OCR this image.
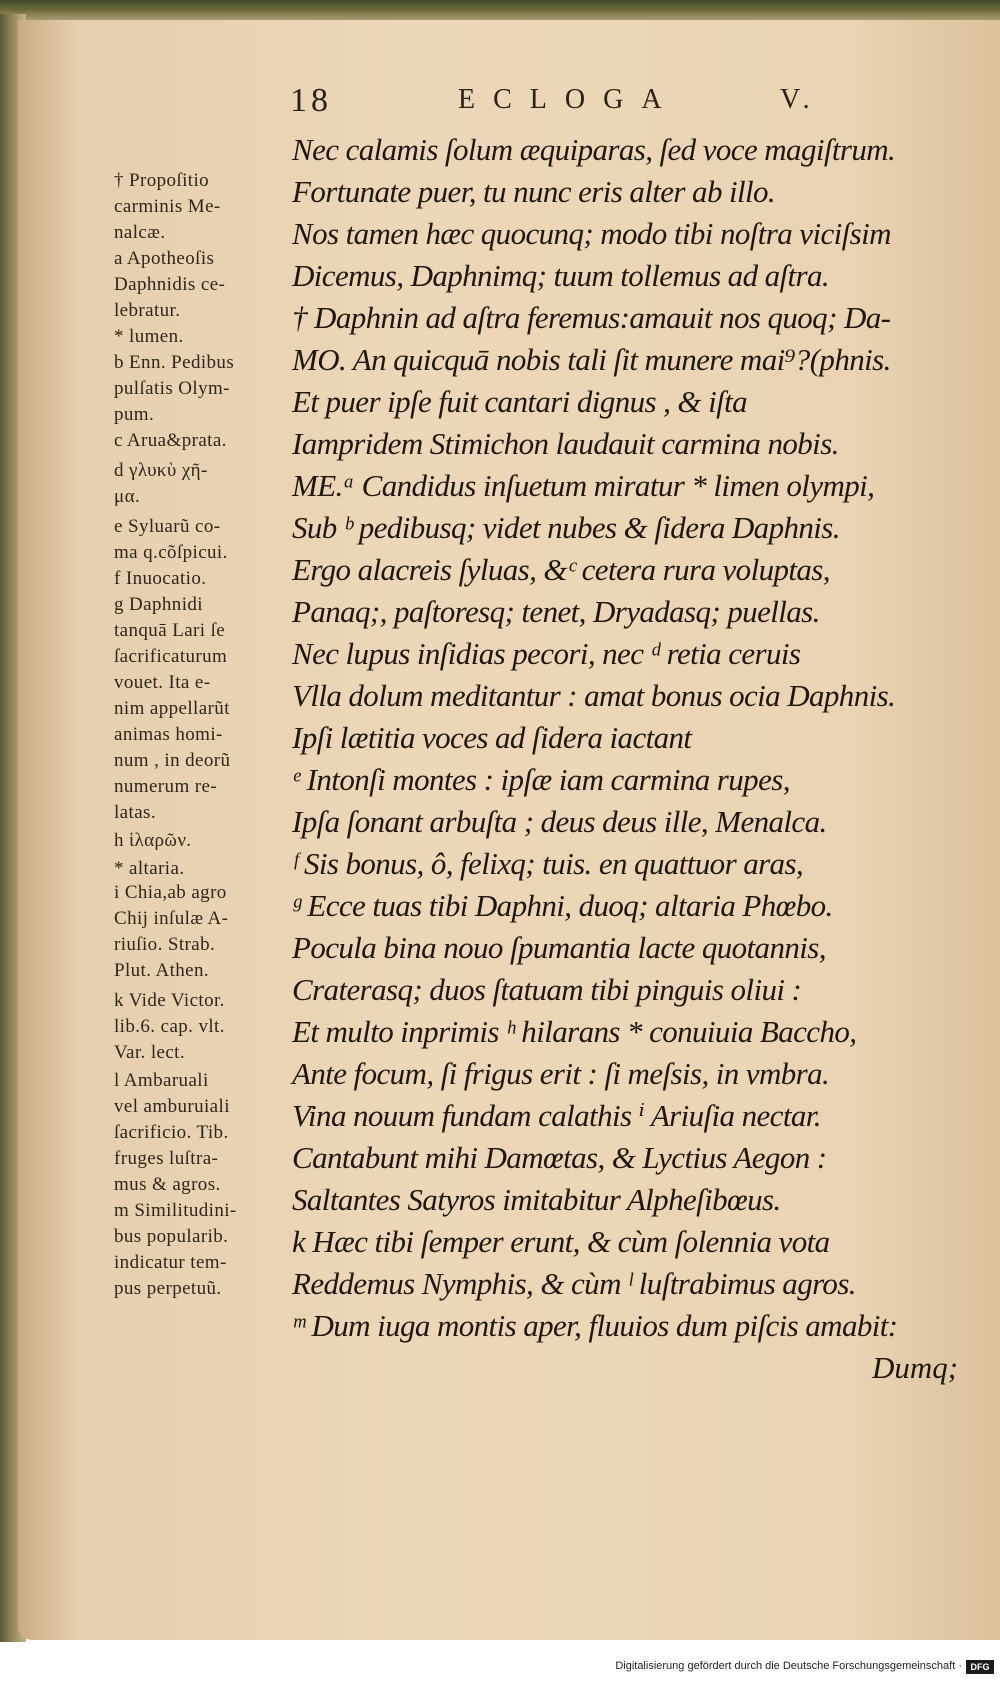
18	ECLOGA	V.
† Propoſitio
carminis Me-
nalcæ.
a Apotheoſis
Daphnidis ce-
lebratur.
* lumen.
b Enn. Pedibus
pulſatis Olym-
pum.
c Arua&prata.
d γλυκὺ χῆ-
μα.
e Syluarũ co-
ma q.cõſpicui.
f Inuocatio.
g Daphnidi
tanquā Lari ſe
ſacrificaturum
vouet. Ita e-
nim appellarũt
animas homi-
num , in deorũ
numerum re-
latas.
h ἱλαρῶν.
* altaria.
i Chia,ab agro
Chij inſulæ A-
riuſio. Strab.
Plut. Athen.
k Vide Victor.
lib.6. cap. vlt.
Var. lect.
l Ambaruali
vel amburuiali
ſacrificio. Tib.
fruges luſtra-
mus & agros.
m Similitudini-
bus popularib.
indicatur tem-
pus perpetuũ.
Nec calamis ſolum æquiparas, ſed voce magiſtrum.
Fortunate puer, tu nunc eris alter ab illo.
Nos tamen hæc quocunq; modo tibi noſtra viciſsim
Dicemus, Daphnimq; tuum tollemus ad aſtra.
† Daphnin ad aſtra feremus:amauit nos quoq; Da-
MO. An quicquā nobis tali ſit munere mai⁹?(phnis.
Et puer ipſe fuit cantari dignus , & iſta
Iampridem Stimichon laudauit carmina nobis.
ME.ᵃ Candidus inſuetum miratur * limen olympi,
Sub ᵇ pedibusq; videt nubes & ſidera Daphnis.
Ergo alacreis ſyluas, &ᶜ cetera rura voluptas,
Panaq;, paſtoresq; tenet, Dryadasq; puellas.
Nec lupus inſidias pecori, nec ᵈ retia ceruis
Vlla dolum meditantur : amat bonus ocia Daphnis.
Ipſi lætitia voces ad ſidera iactant
ᵉ Intonſi montes : ipſæ iam carmina rupes,
Ipſa ſonant arbuſta ; deus deus ille, Menalca.
ᶠ Sis bonus, ô, felixq; tuis. en quattuor aras,
ᵍ Ecce tuas tibi Daphni, duoq; altaria Phœbo.
Pocula bina nouo ſpumantia lacte quotannis,
Craterasq; duos ſtatuam tibi pinguis oliui :
Et multo inprimis ʰ hilarans * conuiuia Baccho,
Ante focum, ſi frigus erit : ſi meſsis, in vmbra.
Vina nouum fundam calathis ⁱ Ariuſia nectar.
Cantabunt mihi Damœtas, & Lyctius Aegon :
Saltantes Satyros imitabitur Alpheſibœus.
k Hæc tibi ſemper erunt, & cùm ſolennia vota
Reddemus Nymphis, & cùm ˡ luſtrabimus agros.
ᵐ Dum iuga montis aper, fluuios dum piſcis amabit:
Dumq;
Digitalisierung gefördert durch die Deutsche Forschungsgemeinschaft · DFG
